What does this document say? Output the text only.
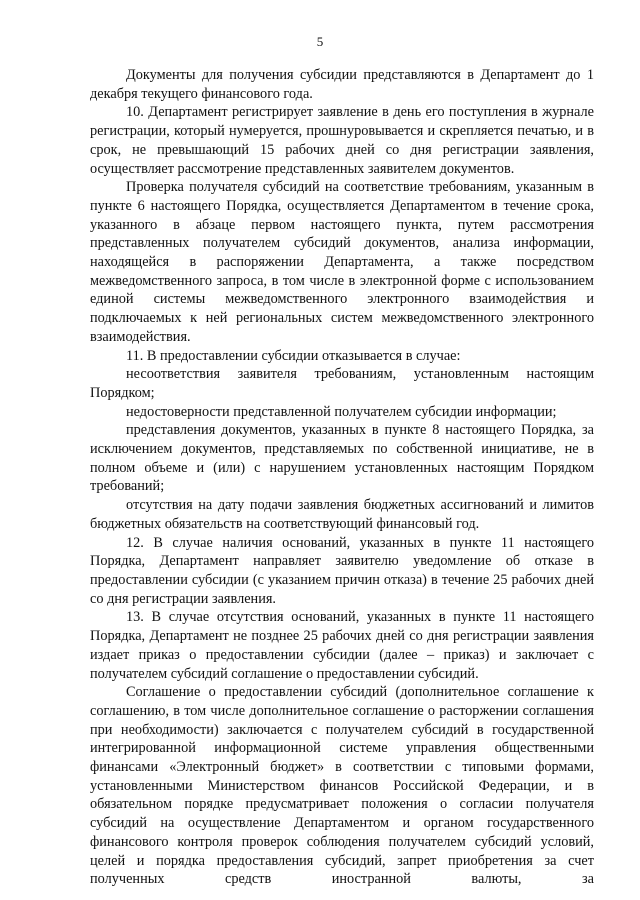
5

Документы для получения субсидии представляются в Департамент до 1 декабря текущего финансового года.

10. Департамент регистрирует заявление в день его поступления в журнале регистрации, который нумеруется, прошнуровывается и скрепляется печатью, и в срок, не превышающий 15 рабочих дней со дня регистрации заявления, осуществляет рассмотрение представленных заявителем документов.

Проверка получателя субсидий на соответствие требованиям, указанным в пункте 6 настоящего Порядка, осуществляется Департаментом в течение срока, указанного в абзаце первом настоящего пункта, путем рассмотрения представленных получателем субсидий документов, анализа информации, находящейся в распоряжении Департамента, а также посредством межведомственного запроса, в том числе в электронной форме с использованием единой системы межведомственного электронного взаимодействия и подключаемых к ней региональных систем межведомственного электронного взаимодействия.

11. В предоставлении субсидии отказывается в случае:

несоответствия заявителя требованиям, установленным настоящим Порядком;

недостоверности представленной получателем субсидии информации;

представления документов, указанных в пункте 8 настоящего Порядка, за исключением документов, представляемых по собственной инициативе, не в полном объеме и (или) с нарушением установленных настоящим Порядком требований;

отсутствия на дату подачи заявления бюджетных ассигнований и лимитов бюджетных обязательств на соответствующий финансовый год.

12. В случае наличия оснований, указанных в пункте 11 настоящего Порядка, Департамент направляет заявителю уведомление об отказе в предоставлении субсидии (с указанием причин отказа) в течение 25 рабочих дней со дня регистрации заявления.

13. В случае отсутствия оснований, указанных в пункте 11 настоящего Порядка, Департамент не позднее 25 рабочих дней со дня регистрации заявления издает приказ о предоставлении субсидии (далее – приказ) и заключает с получателем субсидий соглашение о предоставлении субсидий.

Соглашение о предоставлении субсидий (дополнительное соглашение к соглашению, в том числе дополнительное соглашение о расторжении соглашения при необходимости) заключается с получателем субсидий в государственной интегрированной информационной системе управления общественными финансами «Электронный бюджет» в соответствии с типовыми формами, установленными Министерством финансов Российской Федерации, и в обязательном порядке предусматривает положения о согласии получателя субсидий на осуществление Департаментом и органом государственного финансового контроля проверок соблюдения получателем субсидий условий, целей и порядка предоставления субсидий, запрет приобретения за счет полученных средств иностранной валюты, за
